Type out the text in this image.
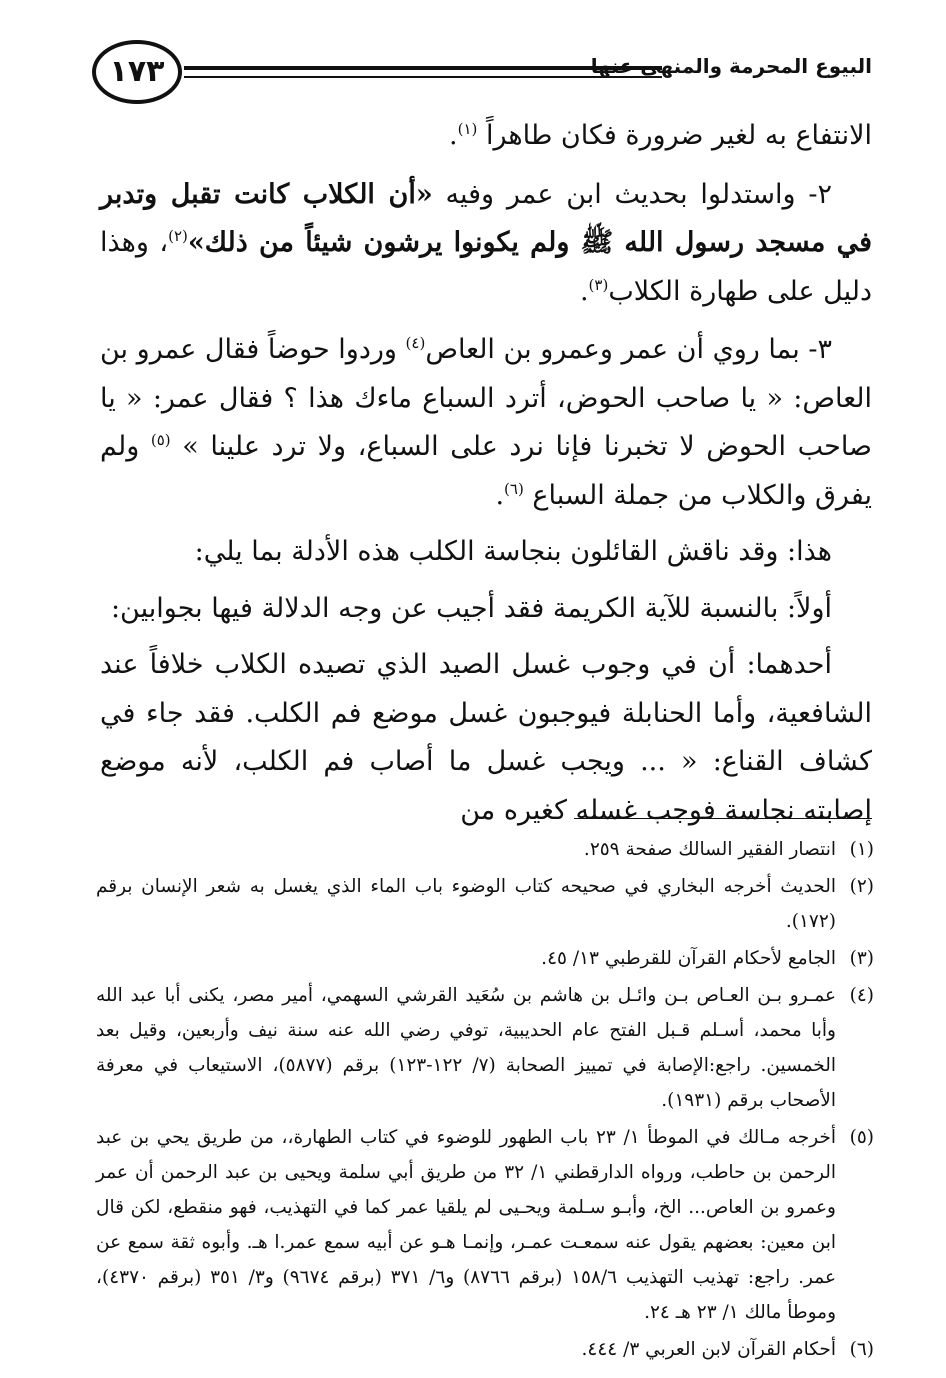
١٧٣	البيوع المحرمة والمنهي عنها

الانتفاع به لغير ضرورة فكان طاهراً $^{(١)}$.

٢- واستدلوا بحديث ابن عمر وفيه «أن الكلاب كانت تقبل وتدبر في مسجد رسول الله ﷺ ولم يكونوا يرشون شيئاً من ذلك»$^{(٢)}$، وهذا دليل على طهارة الكلاب$^{(٣)}$.

٣- بما روي أن عمر وعمرو بن العاص$^{(٤)}$ وردوا حوضاً فقال عمرو بن العاص: « يا صاحب الحوض، أترد السباع ماءك هذا ؟ فقال عمر: « يا صاحب الحوض لا تخبرنا فإنا نرد على السباع، ولا ترد علينا » $^{(٥)}$ ولم يفرق والكلاب من جملة السباع $^{(٦)}$.

هذا: وقد ناقش القائلون بنجاسة الكلب هذه الأدلة بما يلي:

أولاً: بالنسبة للآية الكريمة فقد أجيب عن وجه الدلالة فيها بجوابين:

أحدهما: أن في وجوب غسل الصيد الذي تصيده الكلاب خلافاً عند الشافعية، وأما الحنابلة فيوجبون غسل موضع فم الكلب. فقد جاء في كشاف القناع: « ... ويجب غسل ما أصاب فم الكلب، لأنه موضع إصابته نجاسة فوجب غسله كغيره من

(١)
انتصار الفقير السالك صفحة ٢٥٩.
(٢)
الحديث أخرجه البخاري في صحيحه كتاب الوضوء باب الماء الذي يغسل به شعر الإنسان برقم (١٧٢).
(٣)
الجامع لأحكام القرآن للقرطبي ١٣/ ٤٥.
(٤)
عمـرو بـن العـاص بـن وائـل بن هاشم بن سُعَيد القرشي السهمي، أمير مصر، يكنى أبا عبد الله وأبا محمد، أسـلم قـبل الفتح عام الحديبية، توفي رضي الله عنه سنة نيف وأربعين، وقيل بعد الخمسين. راجع:الإصابة في تمييز الصحابة (٧/ ١٢٢-١٢٣) برقم (٥٨٧٧)، الاستيعاب في معرفة الأصحاب برقم (١٩٣١).
(٥)
أخرجه مـالك في الموطأ ١/ ٢٣ باب الطهور للوضوء في كتاب الطهارة،، من طريق يحي بن عبد الرحمن بن حاطب، ورواه الدارقطني ١/ ٣٢ من طريق أبي سلمة ويحيى بن عبد الرحمن أن عمر وعمرو بن العاص... الخ، وأبـو سـلمة ويحـيى لم يلقيا عمر كما في التهذيب، فهو منقطع، لكن قال ابن معين: بعضهم يقول عنه سمعـت عمـر، وإنمـا هـو عن أبيه سمع عمر.ا هـ. وأبوه ثقة سمع عن عمر. راجع: تهذيب التهذيب ١٥٨/٦ (برقم ٨٧٦٦) و٦/ ٣٧١ (برقم ٩٦٧٤) و٣/ ٣٥١ (برقم ٤٣٧٠)، وموطأ مالك ١/ ٢٣ هـ ٢٤.
(٦)
أحكام القرآن لابن العربي ٣/ ٤٤٤.
